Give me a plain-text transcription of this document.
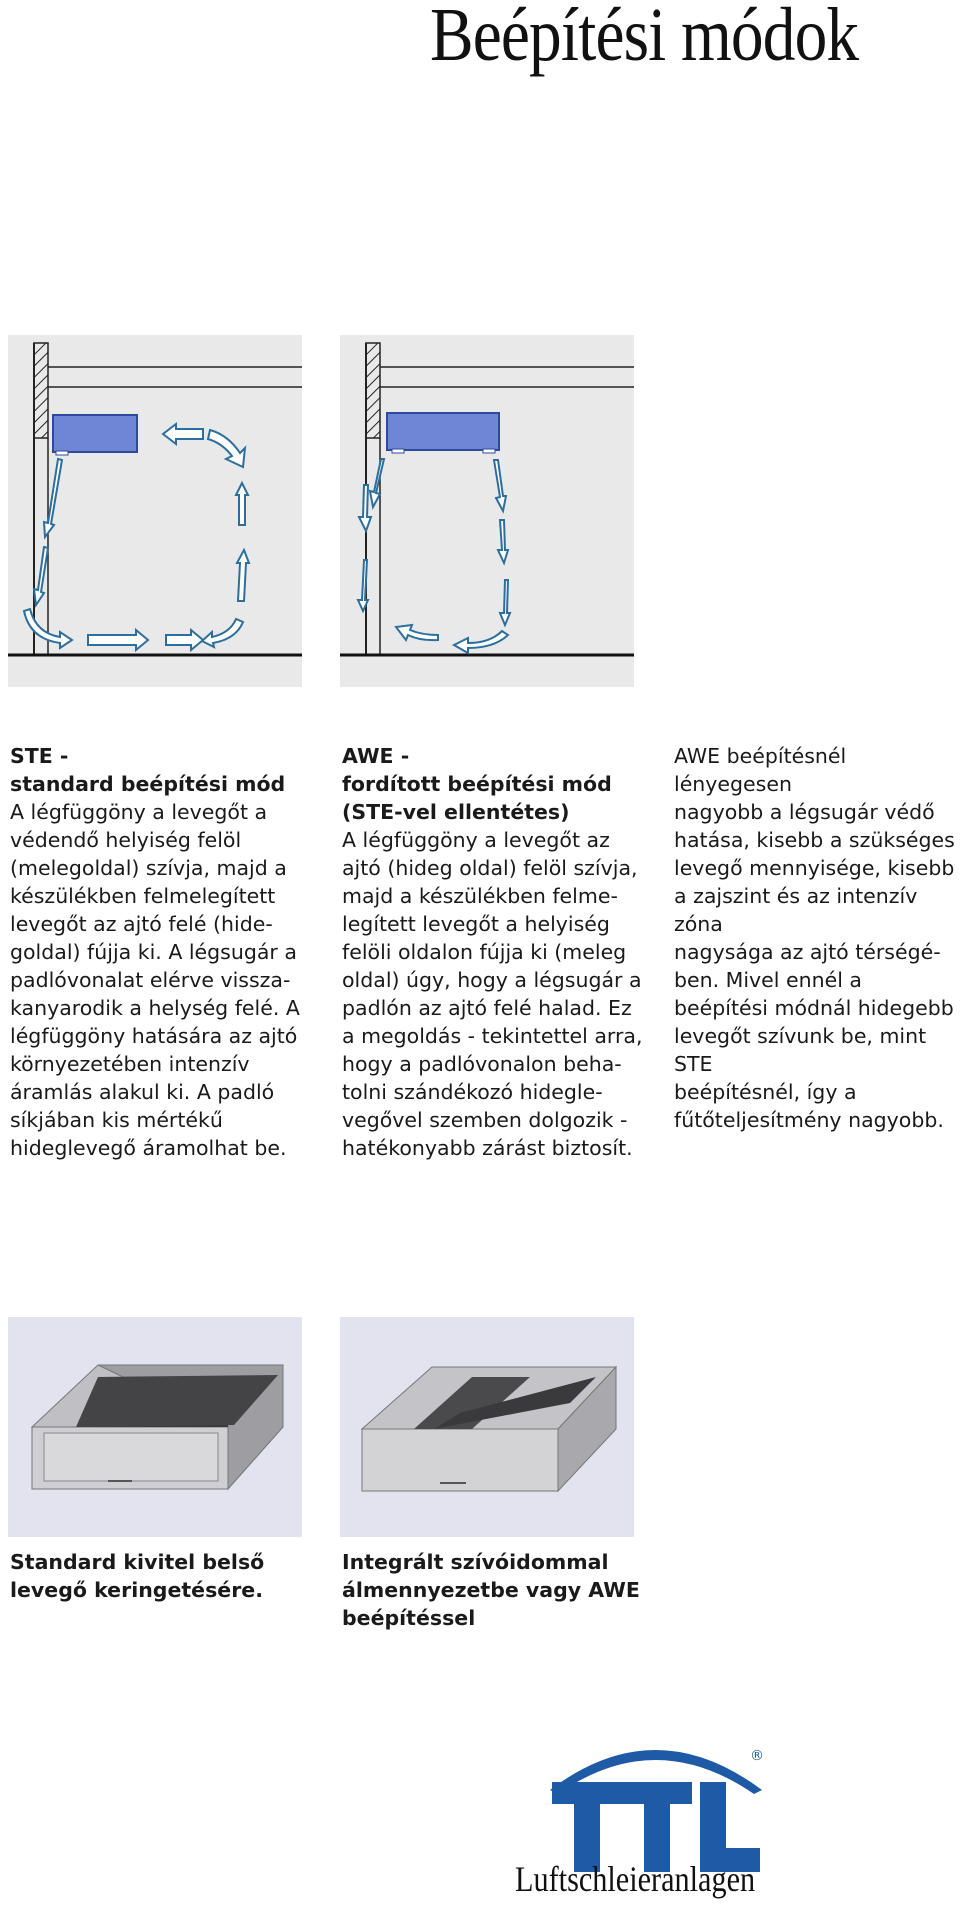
Beépítési módok
STE -
standard beépítési mód

A légfüggöny a levegőt a

védendő helyiség felöl

(melegoldal) szívja, majd a

készülékben felmelegített

levegőt az ajtó felé (hide-

goldal) fújja ki. A légsugár a

padlóvonalat elérve vissza-

kanyarodik a helység felé. A

légfüggöny hatására az ajtó

környezetében intenzív

áramlás alakul ki. A padló

síkjában kis mértékű

hideglevegő áramolhat be.

AWE -
fordított beépítési mód
(STE-vel ellentétes)

A légfüggöny a levegőt az

ajtó (hideg oldal) felöl szívja,

majd a készülékben felme-

legített levegőt a helyiség

felöli oldalon fújja ki (meleg

oldal) úgy, hogy a légsugár a

padlón az ajtó felé halad. Ez

a megoldás - tekintettel arra,

hogy a padlóvonalon beha-

tolni szándékozó hidegle-

vegővel szemben dolgozik -

hatékonyabb zárást biztosít.

AWE beépítésnél lényegesen

nagyobb a légsugár védő

hatása, kisebb a szükséges

levegő mennyisége, kisebb

a zajszint és az intenzív zóna

nagysága az ajtó térségé-

ben. Mivel ennél a

beépítési módnál hidegebb

levegőt szívunk be, mint STE

beépítésnél, így a

fűtőteljesítmény nagyobb.

Standard kivitel belső
levegő keringetésére.
Integrált szívóidommal
álmennyezetbe vagy AWE
beépítéssel
®
Luftschleieranlagen
